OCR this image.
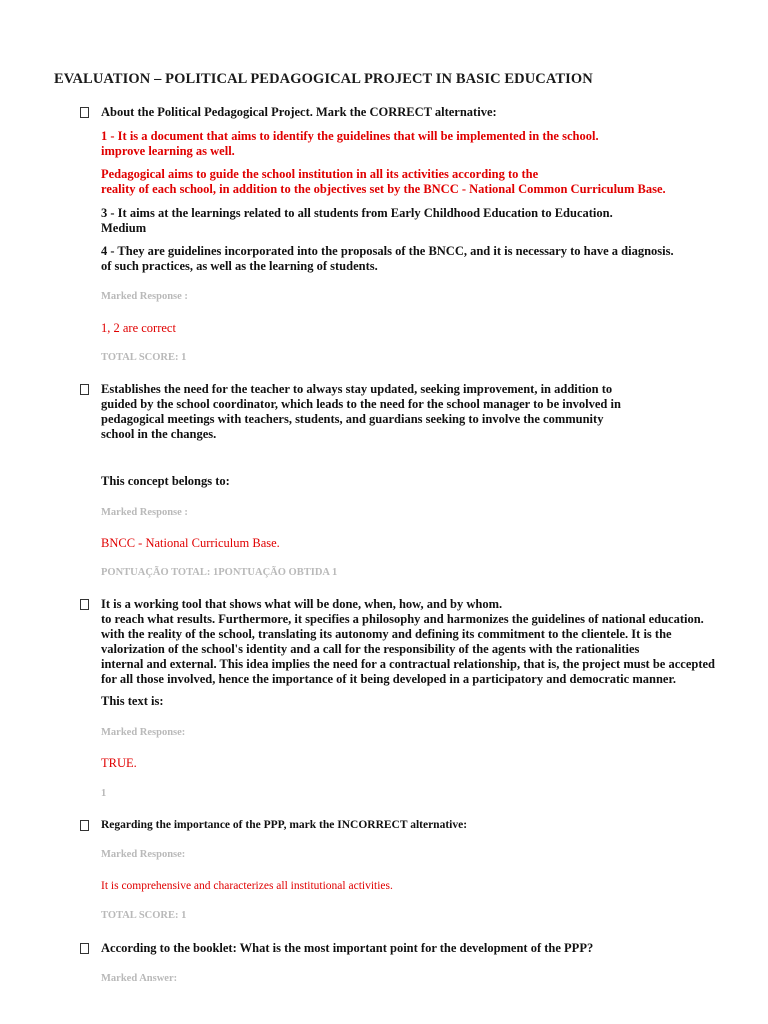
EVALUATION – POLITICAL PEDAGOGICAL PROJECT IN BASIC EDUCATION

About the Political Pedagogical Project. Mark the CORRECT alternative:

1 - It is a document that aims to identify the guidelines that will be implemented in the school.
improve learning as well.

Pedagogical aims to guide the school institution in all its activities according to the
reality of each school, in addition to the objectives set by the BNCC - National Common Curriculum Base.

3 - It aims at the learnings related to all students from Early Childhood Education to Education.
Medium

4 - They are guidelines incorporated into the proposals of the BNCC, and it is necessary to have a diagnosis.
of such practices, as well as the learning of students.

Marked Response :

1, 2 are correct

TOTAL SCORE: 1

Establishes the need for the teacher to always stay updated, seeking improvement, in addition to
guided by the school coordinator, which leads to the need for the school manager to be involved in
pedagogical meetings with teachers, students, and guardians seeking to involve the community
school in the changes.

This concept belongs to:

Marked Response :

BNCC - National Curriculum Base.

PONTUAÇÃO TOTAL: 1PONTUAÇÃO OBTIDA 1

It is a working tool that shows what will be done, when, how, and by whom.
to reach what results. Furthermore, it specifies a philosophy and harmonizes the guidelines of national education.
with the reality of the school, translating its autonomy and defining its commitment to the clientele. It is the
valorization of the school's identity and a call for the responsibility of the agents with the rationalities
internal and external. This idea implies the need for a contractual relationship, that is, the project must be accepted
for all those involved, hence the importance of it being developed in a participatory and democratic manner.

This text is:

Marked Response:

TRUE.

1

Regarding the importance of the PPP, mark the INCORRECT alternative:

Marked Response:

It is comprehensive and characterizes all institutional activities.

TOTAL SCORE: 1

According to the booklet: What is the most important point for the development of the PPP?

Marked Answer:
